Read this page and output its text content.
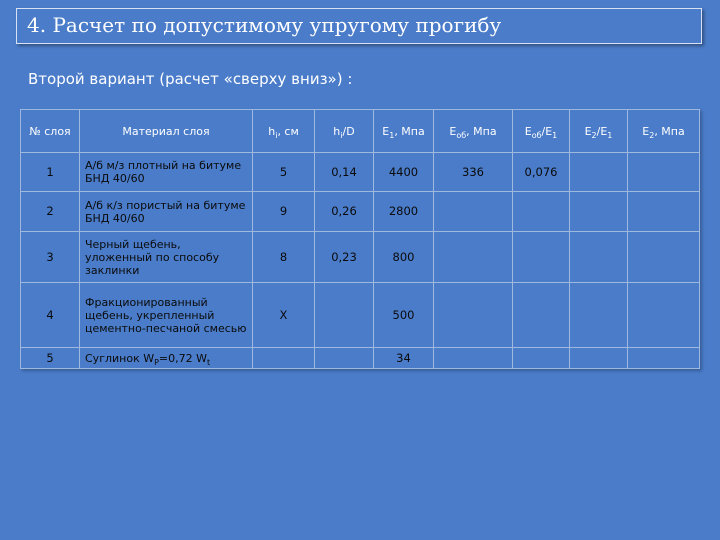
4. Расчет по допустимому упругому прогибу
Второй вариант (расчет «сверху вниз») :
№ слоя	Материал слоя	$h_i$, см	$h_i/D$	$E_1$, Мпа	$E_{об}$, Мпа	$E_{об}/E_1$	$E_2/E_1$	$E_2$, Мпа
1	А/б м/з плотный на битуме БНД 40/60	5	0,14	4400	336	0,076		
2	А/б к/з пористый на битуме БНД 40/60	9	0,26	2800				
3	Черный щебень, уложенный по способу заклинки	8	0,23	800				
4	Фракционированный щебень, укрепленный цементно-песчаной смесью	X		500				
5	Суглинок $W_P=0,72$ $W_t$			34				
